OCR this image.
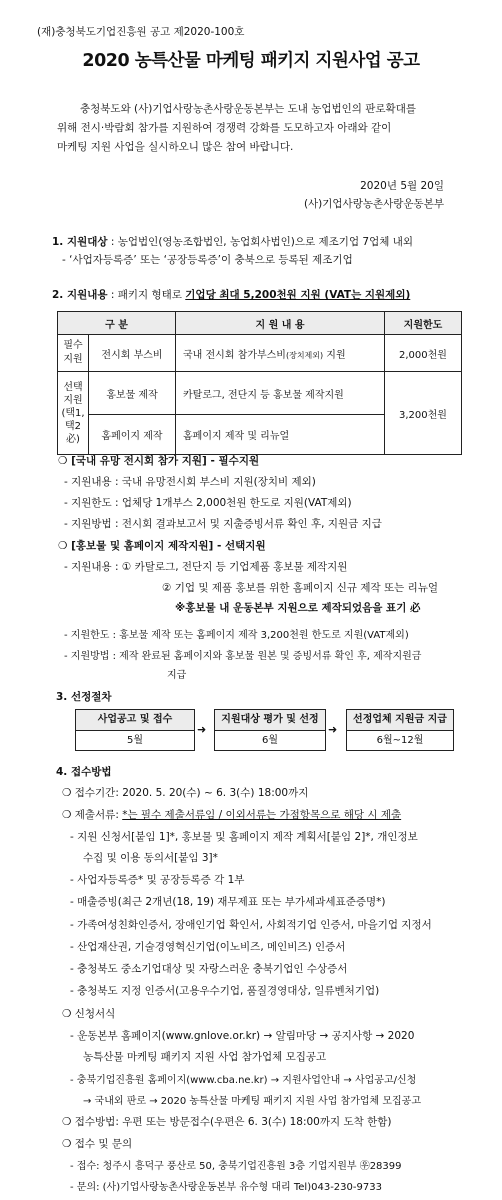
(재)충청북도기업진흥원 공고 제2020-100호
2020 농특산물 마케팅 패키지 지원사업 공고
충청북도와 (사)기업사랑농촌사랑운동본부는 도내 농업법인의 판로확대를
위해 전시·박람회 참가를 지원하여 경쟁력 강화를 도모하고자 아래와 같이
마케팅 지원 사업을 실시하오니 많은 참여 바랍니다.
2020년 5월 20일
(사)기업사랑농촌사랑운동본부
1. 지원대상 : 농업법인(영농조합법인, 농업회사법인)으로 제조기업 7업체 내외
- ‘사업자등록증’ 또는 ‘공장등록증’이 충북으로 등록된 제조기업
2. 지원내용 : 패키지 형태로 기업당 최대 5,200천원 지원 (VAT는 지원제외)
구 분		지 원 내 용	지원한도

필수
지원	전시회 부스비	국내 전시회 참가부스비(장치제외) 지원	2,000천원

선택
지원
(택1,
택2
必)	홍보물 제작	카탈로그, 전단지 등 홍보물 제작지원	3,200천원
	홈페이지 제작	홈페이지 제작 및 리뉴얼	
❍ [국내 유망 전시회 참가 지원] - 필수지원
- 지원내용 : 국내 유망전시회 부스비 지원(장치비 제외)
- 지원한도 : 업체당 1개부스 2,000천원 한도로 지원(VAT제외)
- 지원방법 : 전시회 결과보고서 및 지출증빙서류 확인 후, 지원금 지급
❍ [홍보물 및 홈페이지 제작지원] - 선택지원
- 지원내용 : ① 카탈로그, 전단지 등 기업제품 홍보물 제작지원
② 기업 및 제품 홍보를 위한 홈페이지 신규 제작 또는 리뉴얼
※홍보물 내 운동본부 지원으로 제작되었음을 표기 必
- 지원한도 : 홍보물 제작 또는 홈페이지 제작 3,200천원 한도로 지원(VAT제외)
- 지원방법 : 제작 완료된 홈페이지와 홍보물 원본 및 증빙서류 확인 후, 제작지원금
지급
3. 선정절차
사업공고 및 접수
5월
➜
지원대상 평가 및 선정
6월
➜
선정업체 지원금 지급
6월~12월
4. 접수방법
❍ 접수기간: 2020. 5. 20(수) ~ 6. 3(수) 18:00까지
❍ 제출서류: *는 필수 제출서류임 / 이외서류는 가점항목으로 해당 시 제출
- 지원 신청서[붙임 1]*, 홍보물 및 홈페이지 제작 계획서[붙임 2]*, 개인정보
수집 및 이용 동의서[붙임 3]*
- 사업자등록증* 및 공장등록증 각 1부
- 매출증빙(최근 2개년(18, 19) 재무제표 또는 부가세과세표준증명*)
- 가족여성친화인증서, 장애인기업 확인서, 사회적기업 인증서, 마을기업 지정서
- 산업재산권, 기술경영혁신기업(이노비즈, 메인비즈) 인증서
- 충청북도 중소기업대상 및 자랑스러운 충북기업인 수상증서
- 충청북도 지정 인증서(고용우수기업, 품질경영대상, 일류벤처기업)
❍ 신청서식
- 운동본부 홈페이지(www.gnlove.or.kr) → 알림마당 → 공지사항 → 2020
농특산물 마케팅 패키지 지원 사업 참가업체 모집공고
- 충북기업진흥원 홈페이지(www.cba.ne.kr) → 지원사업안내 → 사업공고/신청
→ 국내외 판로 → 2020 농특산물 마케팅 패키지 지원 사업 참가업체 모집공고
❍ 접수방법: 우편 또는 방문접수(우편은 6. 3(수) 18:00까지 도착 한함)
❍ 접수 및 문의
- 접수: 청주시 흥덕구 풍산로 50, 충북기업진흥원 3층 기업지원부 ㉾28399
- 문의: (사)기업사랑농촌사랑운동본부 유수형 대리 Tel)043-230-9733
